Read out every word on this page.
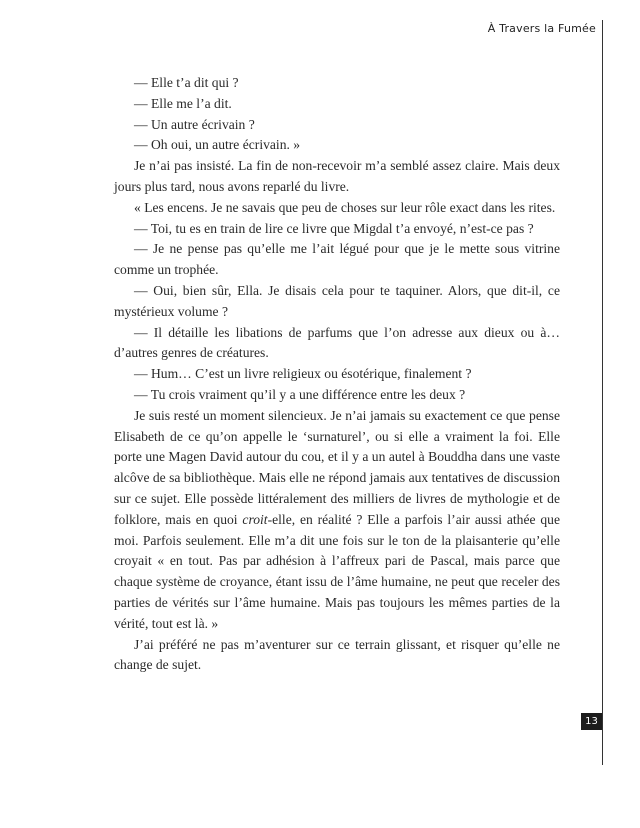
À Travers la Fumée

— Elle t’a dit qui ?

— Elle me l’a dit.

— Un autre écrivain ?

— Oh oui, un autre écrivain. »

Je n’ai pas insisté. La fin de non-recevoir m’a semblé assez claire. Mais deux jours plus tard, nous avons reparlé du livre.

« Les encens. Je ne savais que peu de choses sur leur rôle exact dans les rites.

— Toi, tu es en train de lire ce livre que Migdal t’a envoyé, n’est-ce pas ?

— Je ne pense pas qu’elle me l’ait légué pour que je le mette sous vitrine comme un trophée.

— Oui, bien sûr, Ella. Je disais cela pour te taquiner. Alors, que dit-il, ce mystérieux volume ?

— Il détaille les libations de parfums que l’on adresse aux dieux ou à… d’autres genres de créatures.

— Hum… C’est un livre religieux ou ésotérique, finalement ?

— Tu crois vraiment qu’il y a une différence entre les deux ?

Je suis resté un moment silencieux. Je n’ai jamais su exactement ce que pense Elisabeth de ce qu’on appelle le ‘surnaturel’, ou si elle a vraiment la foi. Elle porte une Magen David autour du cou, et il y a un autel à Bouddha dans une vaste alcôve de sa bibliothèque. Mais elle ne répond jamais aux tentatives de discussion sur ce sujet. Elle possède littéralement des milliers de livres de mythologie et de folklore, mais en quoi croit-elle, en réalité ? Elle a parfois l’air aussi athée que moi. Parfois seulement. Elle m’a dit une fois sur le ton de la plaisanterie qu’elle croyait « en tout. Pas par adhésion à l’affreux pari de Pascal, mais parce que chaque système de croyance, étant issu de l’âme humaine, ne peut que receler des parties de vérités sur l’âme humaine. Mais pas toujours les mêmes parties de la vérité, tout est là. »

J’ai préféré ne pas m’aventurer sur ce terrain glissant, et risquer qu’elle ne change de sujet.

13
